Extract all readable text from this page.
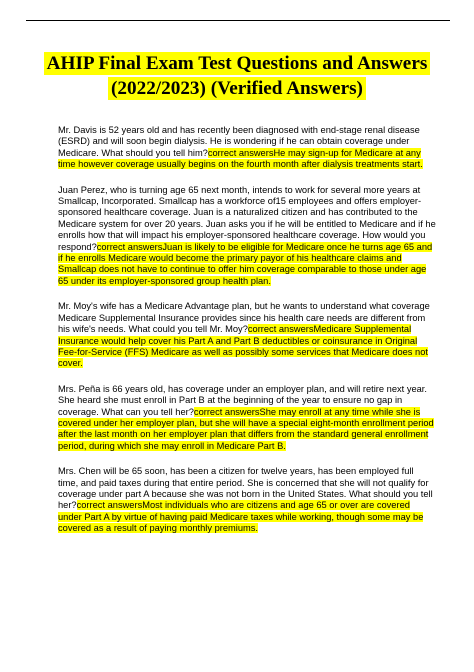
AHIP Final Exam Test Questions and Answers (2022/2023) (Verified Answers)

Mr. Davis is 52 years old and has recently been diagnosed with end-stage renal disease (ESRD) and will soon begin dialysis. He is wondering if he can obtain coverage under Medicare. What should you tell him?correct answersHe may sign-up for Medicare at any time however coverage usually begins on the fourth month after dialysis treatments start.

Juan Perez, who is turning age 65 next month, intends to work for several more years at Smallcap, Incorporated. Smallcap has a workforce of15 employees and offers employer-sponsored healthcare coverage. Juan is a naturalized citizen and has contributed to the Medicare system for over 20 years. Juan asks you if he will be entitled to Medicare and if he enrolls how that will impact his employer-sponsored healthcare coverage. How would you respond?correct answersJuan is likely to be eligible for Medicare once he turns age 65 and if he enrolls Medicare would become the primary payor of his healthcare claims and Smallcap does not have to continue to offer him coverage comparable to those under age 65 under its employer-sponsored group health plan.

Mr. Moy's wife has a Medicare Advantage plan, but he wants to understand what coverage Medicare Supplemental Insurance provides since his health care needs are different from his wife's needs. What could you tell Mr. Moy?correct answersMedicare Supplemental Insurance would help cover his Part A and Part B deductibles or coinsurance in Original Fee-for-Service (FFS) Medicare as well as possibly some services that Medicare does not cover.

Mrs. Peña is 66 years old, has coverage under an employer plan, and will retire next year. She heard she must enroll in Part B at the beginning of the year to ensure no gap in coverage. What can you tell her?correct answersShe may enroll at any time while she is covered under her employer plan, but she will have a special eight-month enrollment period after the last month on her employer plan that differs from the standard general enrollment period, during which she may enroll in Medicare Part B.

Mrs. Chen will be 65 soon, has been a citizen for twelve years, has been employed full time, and paid taxes during that entire period. She is concerned that she will not qualify for coverage under part A because she was not born in the United States. What should you tell her?correct answersMost individuals who are citizens and age 65 or over are covered under Part A by virtue of having paid Medicare taxes while working, though some may be covered as a result of paying monthly premiums.
